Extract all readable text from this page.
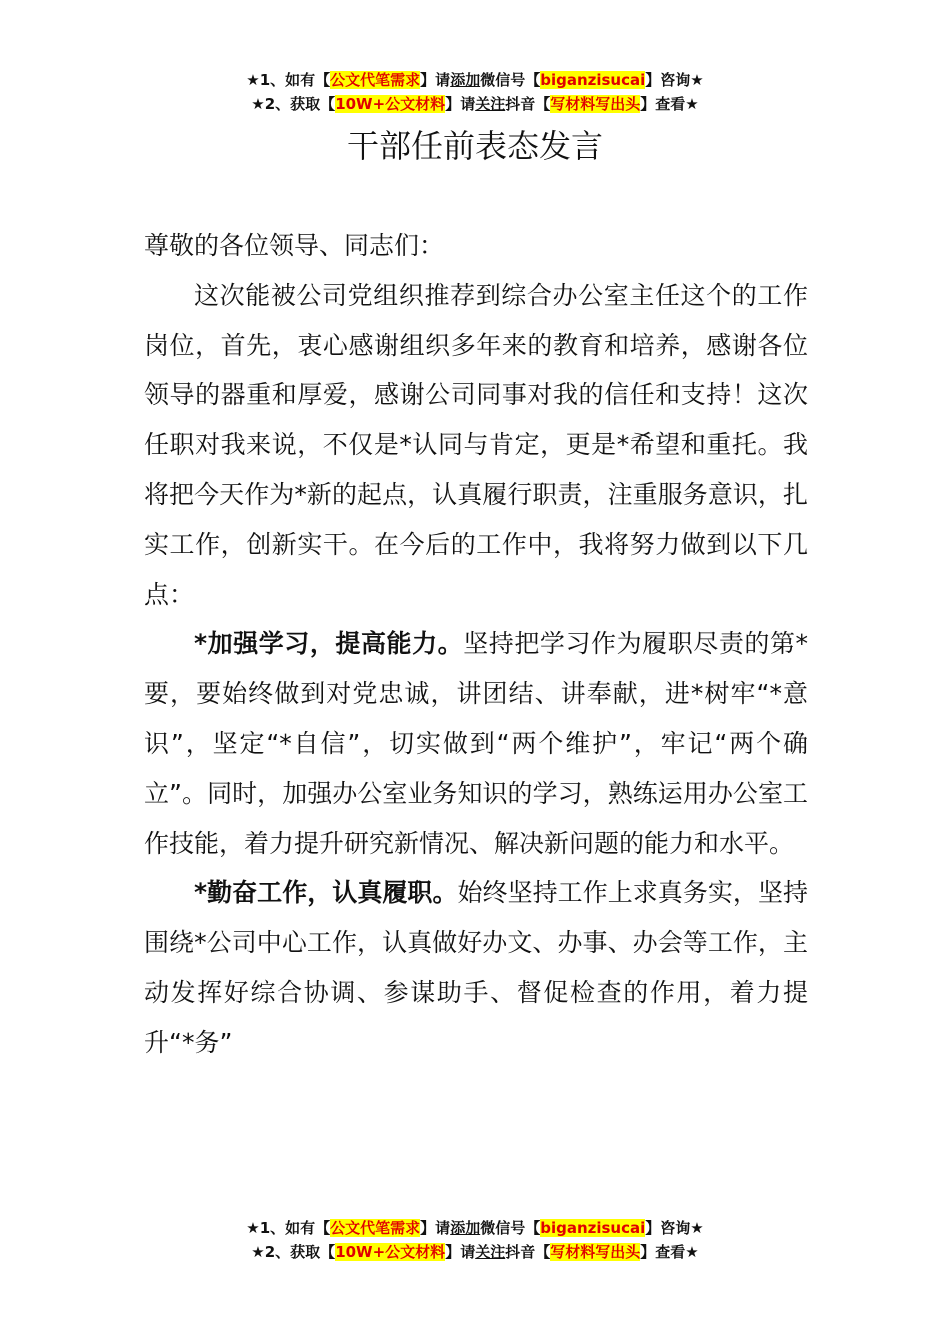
★1、如有【公文代笔需求】请添加微信号【biganzisucai】咨询★
★2、获取【10W+公文材料】请关注抖音【写材料写出头】查看★
干部任前表态发言

尊敬的各位领导、同志们：

这次能被公司党组织推荐到综合办公室主任这个的工作岗位，首先，衷心感谢组织多年来的教育和培养，感谢各位领导的器重和厚爱，感谢公司同事对我的信任和支持！这次任职对我来说，不仅是*认同与肯定，更是*希望和重托。我将把今天作为*新的起点，认真履行职责，注重服务意识，扎实工作，创新实干。在今后的工作中，我将努力做到以下几点：

*加强学习，提高能力。坚持把学习作为履职尽责的第*要，要始终做到对党忠诚，讲团结、讲奉献，进*树牢“*意识”，坚定“*自信”，切实做到“两个维护”，牢记“两个确立”。同时，加强办公室业务知识的学习，熟练运用办公室工作技能，着力提升研究新情况、解决新问题的能力和水平。

*勤奋工作，认真履职。始终坚持工作上求真务实，坚持围绕*公司中心工作，认真做好办文、办事、办会等工作，主动发挥好综合协调、参谋助手、督促检查的作用，着力提升“*务”

★1、如有【公文代笔需求】请添加微信号【biganzisucai】咨询★
★2、获取【10W+公文材料】请关注抖音【写材料写出头】查看★
